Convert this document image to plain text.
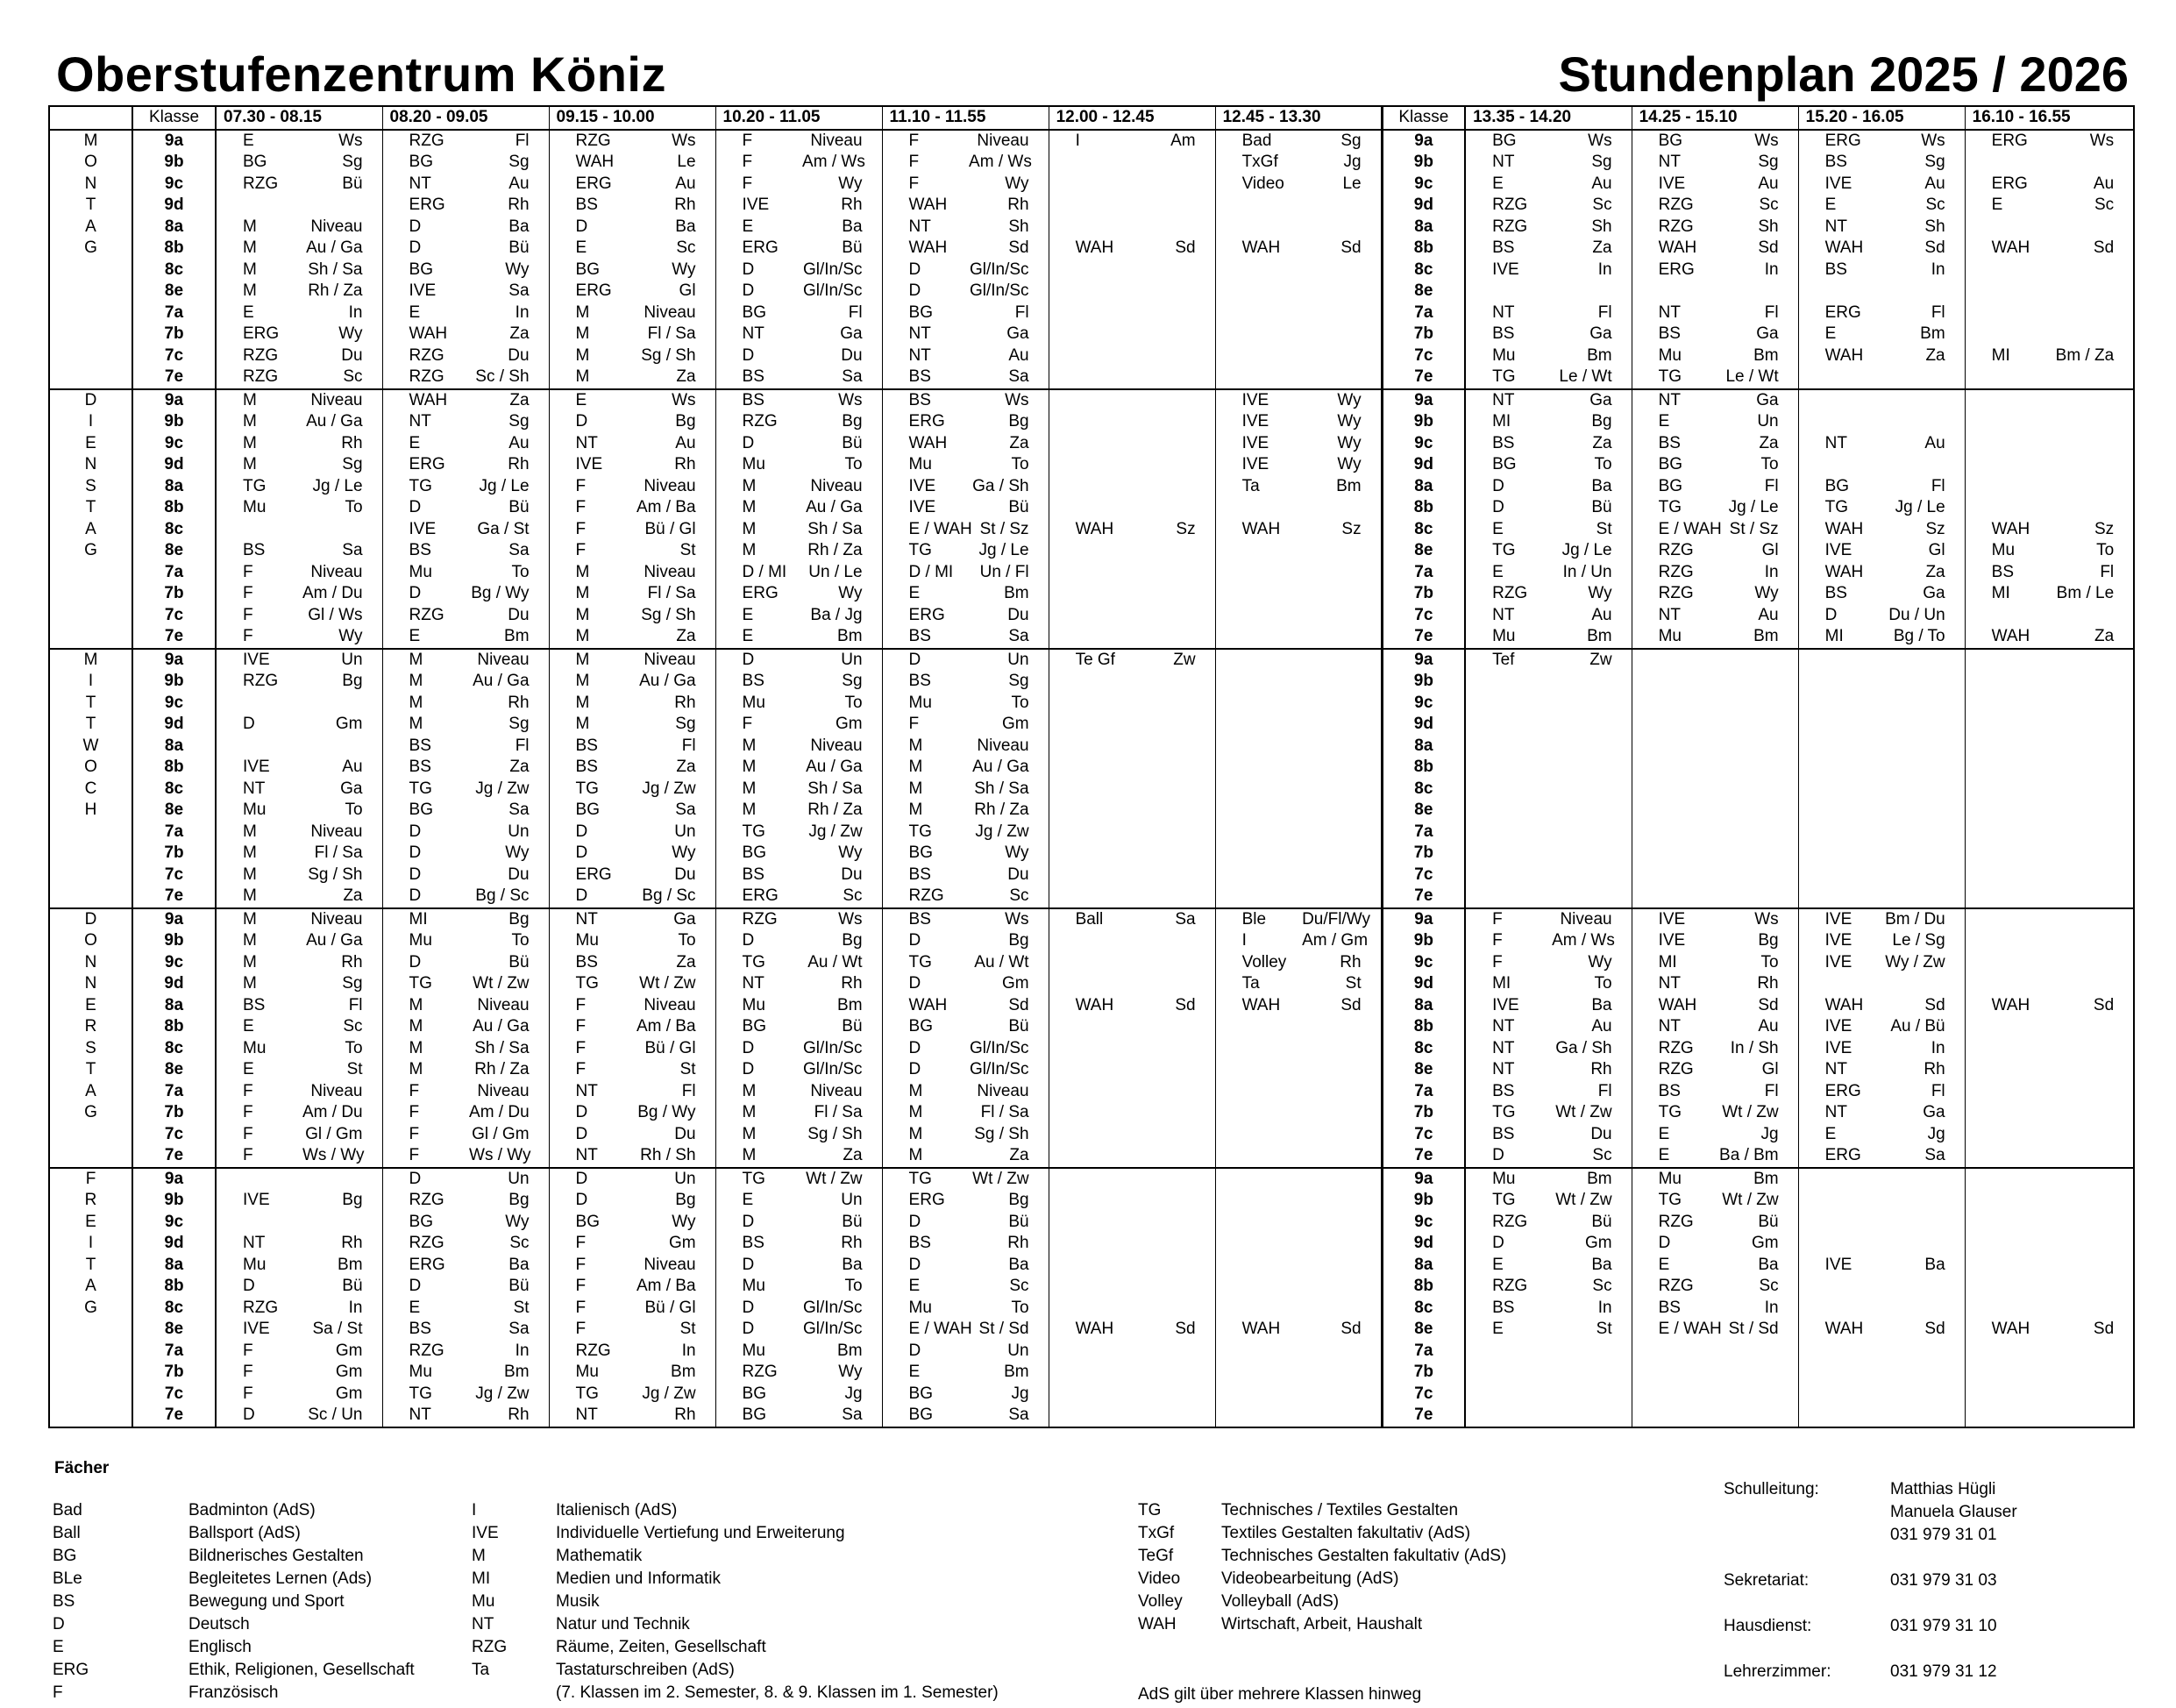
Oberstufenzentrum Köniz	Stundenplan 2025 / 2026
	Klasse	07.30 - 08.15		08.20 - 09.05		09.15 - 10.00		10.20 - 11.05		11.10 - 11.55		12.00 - 12.45		12.45 - 13.30		Klasse	13.35 - 14.20		14.25 - 15.10		15.20 - 16.05		16.10 - 16.55	
M	9a	E	Ws	RZG	Fl	RZG	Ws	F	Niveau	F	Niveau	I	Am	Bad	Sg	9a	BG	Ws	BG	Ws	ERG	Ws	ERG	Ws
O	9b	BG	Sg	BG	Sg	WAH	Le	F	Am / Ws	F	Am / Ws			TxGf	Jg	9b	NT	Sg	NT	Sg	BS	Sg		
N	9c	RZG	Bü	NT	Au	ERG	Au	F	Wy	F	Wy			Video	Le	9c	E	Au	IVE	Au	IVE	Au	ERG	Au
T	9d			ERG	Rh	BS	Rh	IVE	Rh	WAH	Rh					9d	RZG	Sc	RZG	Sc	E	Sc	E	Sc
A	8a	M	Niveau	D	Ba	D	Ba	E	Ba	NT	Sh					8a	RZG	Sh	RZG	Sh	NT	Sh		
G	8b	M	Au / Ga	D	Bü	E	Sc	ERG	Bü	WAH	Sd	WAH	Sd	WAH	Sd	8b	BS	Za	WAH	Sd	WAH	Sd	WAH	Sd
	8c	M	Sh / Sa	BG	Wy	BG	Wy	D	Gl/In/Sc	D	Gl/In/Sc					8c	IVE	In	ERG	In	BS	In		
	8e	M	Rh / Za	IVE	Sa	ERG	Gl	D	Gl/In/Sc	D	Gl/In/Sc					8e								
	7a	E	In	E	In	M	Niveau	BG	Fl	BG	Fl					7a	NT	Fl	NT	Fl	ERG	Fl		
	7b	ERG	Wy	WAH	Za	M	Fl / Sa	NT	Ga	NT	Ga					7b	BS	Ga	BS	Ga	E	Bm		
	7c	RZG	Du	RZG	Du	M	Sg / Sh	D	Du	NT	Au					7c	Mu	Bm	Mu	Bm	WAH	Za	MI	Bm / Za
	7e	RZG	Sc	RZG	Sc / Sh	M	Za	BS	Sa	BS	Sa					7e	TG	Le / Wt	TG	Le / Wt				
D	9a	M	Niveau	WAH	Za	E	Ws	BS	Ws	BS	Ws			IVE	Wy	9a	NT	Ga	NT	Ga				
I	9b	M	Au / Ga	NT	Sg	D	Bg	RZG	Bg	ERG	Bg			IVE	Wy	9b	MI	Bg	E	Un				
E	9c	M	Rh	E	Au	NT	Au	D	Bü	WAH	Za			IVE	Wy	9c	BS	Za	BS	Za	NT	Au		
N	9d	M	Sg	ERG	Rh	IVE	Rh	Mu	To	Mu	To			IVE	Wy	9d	BG	To	BG	To				
S	8a	TG	Jg / Le	TG	Jg / Le	F	Niveau	M	Niveau	IVE	Ga / Sh			Ta	Bm	8a	D	Ba	BG	Fl	BG	Fl		
T	8b	Mu	To	D	Bü	F	Am / Ba	M	Au / Ga	IVE	Bü					8b	D	Bü	TG	Jg / Le	TG	Jg / Le		
A	8c			IVE	Ga / St	F	Bü / Gl	M	Sh / Sa	E / WAH	St / Sz	WAH	Sz	WAH	Sz	8c	E	St	E / WAH	St / Sz	WAH	Sz	WAH	Sz
G	8e	BS	Sa	BS	Sa	F	St	M	Rh / Za	TG	Jg / Le					8e	TG	Jg / Le	RZG	Gl	IVE	Gl	Mu	To
	7a	F	Niveau	Mu	To	M	Niveau	D / MI	Un / Le	D / MI	Un / Fl					7a	E	In / Un	RZG	In	WAH	Za	BS	Fl
	7b	F	Am / Du	D	Bg / Wy	M	Fl / Sa	ERG	Wy	E	Bm					7b	RZG	Wy	RZG	Wy	BS	Ga	MI	Bm / Le
	7c	F	Gl / Ws	RZG	Du	M	Sg / Sh	E	Ba / Jg	ERG	Du					7c	NT	Au	NT	Au	D	Du / Un		
	7e	F	Wy	E	Bm	M	Za	E	Bm	BS	Sa					7e	Mu	Bm	Mu	Bm	MI	Bg / To	WAH	Za
M	9a	IVE	Un	M	Niveau	M	Niveau	D	Un	D	Un	Te Gf	Zw			9a	Tef	Zw						
I	9b	RZG	Bg	M	Au / Ga	M	Au / Ga	BS	Sg	BS	Sg					9b								
T	9c			M	Rh	M	Rh	Mu	To	Mu	To					9c								
T	9d	D	Gm	M	Sg	M	Sg	F	Gm	F	Gm					9d								
W	8a			BS	Fl	BS	Fl	M	Niveau	M	Niveau					8a								
O	8b	IVE	Au	BS	Za	BS	Za	M	Au / Ga	M	Au / Ga					8b								
C	8c	NT	Ga	TG	Jg / Zw	TG	Jg / Zw	M	Sh / Sa	M	Sh / Sa					8c								
H	8e	Mu	To	BG	Sa	BG	Sa	M	Rh / Za	M	Rh / Za					8e								
	7a	M	Niveau	D	Un	D	Un	TG	Jg / Zw	TG	Jg / Zw					7a								
	7b	M	Fl / Sa	D	Wy	D	Wy	BG	Wy	BG	Wy					7b								
	7c	M	Sg / Sh	D	Du	ERG	Du	BS	Du	BS	Du					7c								
	7e	M	Za	D	Bg / Sc	D	Bg / Sc	ERG	Sc	RZG	Sc					7e								
D	9a	M	Niveau	MI	Bg	NT	Ga	RZG	Ws	BS	Ws	Ball	Sa	Ble	Du/Fl/Wy	9a	F	Niveau	IVE	Ws	IVE	Bm / Du		
O	9b	M	Au / Ga	Mu	To	Mu	To	D	Bg	D	Bg			I	Am / Gm	9b	F	Am / Ws	IVE	Bg	IVE	Le / Sg		
N	9c	M	Rh	D	Bü	BS	Za	TG	Au / Wt	TG	Au / Wt			Volley	Rh	9c	F	Wy	MI	To	IVE	Wy / Zw		
N	9d	M	Sg	TG	Wt / Zw	TG	Wt / Zw	NT	Rh	D	Gm			Ta	St	9d	MI	To	NT	Rh				
E	8a	BS	Fl	M	Niveau	F	Niveau	Mu	Bm	WAH	Sd	WAH	Sd	WAH	Sd	8a	IVE	Ba	WAH	Sd	WAH	Sd	WAH	Sd
R	8b	E	Sc	M	Au / Ga	F	Am / Ba	BG	Bü	BG	Bü					8b	NT	Au	NT	Au	IVE	Au / Bü		
S	8c	Mu	To	M	Sh / Sa	F	Bü / Gl	D	Gl/In/Sc	D	Gl/In/Sc					8c	NT	Ga / Sh	RZG	In / Sh	IVE	In		
T	8e	E	St	M	Rh / Za	F	St	D	Gl/In/Sc	D	Gl/In/Sc					8e	NT	Rh	RZG	Gl	NT	Rh		
A	7a	F	Niveau	F	Niveau	NT	Fl	M	Niveau	M	Niveau					7a	BS	Fl	BS	Fl	ERG	Fl		
G	7b	F	Am / Du	F	Am / Du	D	Bg / Wy	M	Fl / Sa	M	Fl / Sa					7b	TG	Wt / Zw	TG	Wt / Zw	NT	Ga		
	7c	F	Gl / Gm	F	Gl / Gm	D	Du	M	Sg / Sh	M	Sg / Sh					7c	BS	Du	E	Jg	E	Jg		
	7e	F	Ws / Wy	F	Ws / Wy	NT	Rh / Sh	M	Za	M	Za					7e	D	Sc	E	Ba / Bm	ERG	Sa		
F	9a			D	Un	D	Un	TG	Wt / Zw	TG	Wt / Zw					9a	Mu	Bm	Mu	Bm				
R	9b	IVE	Bg	RZG	Bg	D	Bg	E	Un	ERG	Bg					9b	TG	Wt / Zw	TG	Wt / Zw				
E	9c			BG	Wy	BG	Wy	D	Bü	D	Bü					9c	RZG	Bü	RZG	Bü				
I	9d	NT	Rh	RZG	Sc	F	Gm	BS	Rh	BS	Rh					9d	D	Gm	D	Gm				
T	8a	Mu	Bm	ERG	Ba	F	Niveau	D	Ba	D	Ba					8a	E	Ba	E	Ba	IVE	Ba		
A	8b	D	Bü	D	Bü	F	Am / Ba	Mu	To	E	Sc					8b	RZG	Sc	RZG	Sc				
G	8c	RZG	In	E	St	F	Bü / Gl	D	Gl/In/Sc	Mu	To					8c	BS	In	BS	In				
	8e	IVE	Sa / St	BS	Sa	F	St	D	Gl/In/Sc	E / WAH	St / Sd	WAH	Sd	WAH	Sd	8e	E	St	E / WAH	St / Sd	WAH	Sd	WAH	Sd
	7a	F	Gm	RZG	In	RZG	In	Mu	Bm	D	Un					7a								
	7b	F	Gm	Mu	Bm	Mu	Bm	RZG	Wy	E	Bm					7b								
	7c	F	Gm	TG	Jg / Zw	TG	Jg / Zw	BG	Jg	BG	Jg					7c								
	7e	D	Sc / Un	NT	Rh	NT	Rh	BG	Sa	BG	Sa					7e								
Fächer
Bad	Badminton (AdS)
Ball	Ballsport (AdS)
BG	Bildnerisches Gestalten
BLe	Begleitetes Lernen (Ads)
BS	Bewegung und Sport
D	Deutsch
E	Englisch
ERG	Ethik, Religionen, Gesellschaft
F	Französisch
I	Italienisch (AdS)
IVE	Individuelle Vertiefung und Erweiterung
M	Mathematik
MI	Medien und Informatik
Mu	Musik
NT	Natur und Technik
RZG	Räume, Zeiten, Gesellschaft
Ta	Tastaturschreiben (AdS)
(7. Klassen im 2. Semester, 8. & 9. Klassen im 1. Semester)
TG	Technisches / Textiles Gestalten
TxGf	Textiles Gestalten fakultativ (AdS)
TeGf	Technisches Gestalten fakultativ (AdS)
Video Videobearbeitung (AdS)
Volley Volleyball (AdS)
WAH	Wirtschaft, Arbeit, Haushalt
AdS gilt über mehrere Klassen hinweg
Schulleitung:	Matthias Hügli
Manuela Glauser
031 979 31 01
Sekretariat:	031 979 31 03
Hausdienst:	031 979 31 10
Lehrerzimmer:	031 979 31 12
